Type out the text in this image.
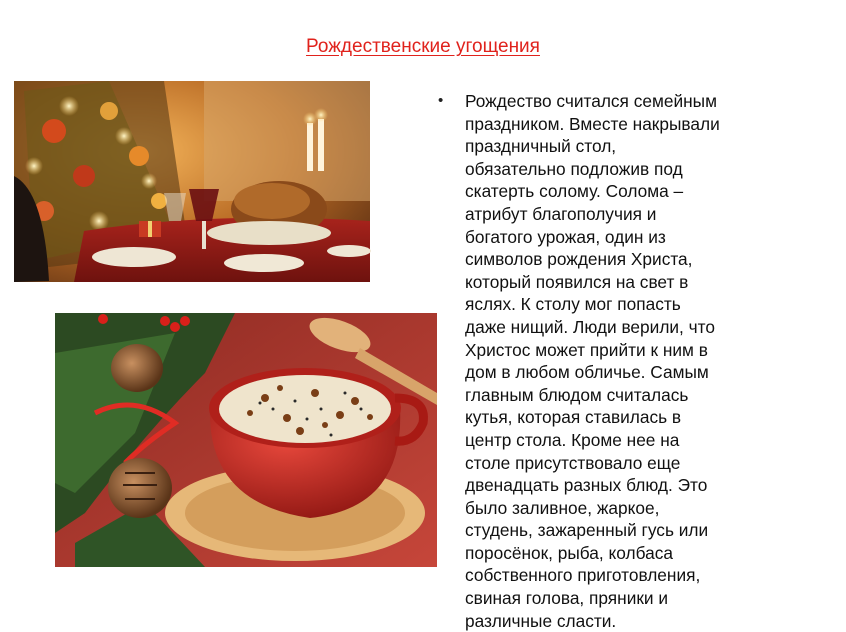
Рождественские угощения
• Рождество считался семейным
праздником. Вместе накрывали
праздничный стол,
обязательно подложив под
скатерть солому. Солома –
атрибут благополучия и
богатого урожая, один из
символов рождения Христа,
который появился на свет в
яслях. К столу мог попасть
даже нищий. Люди верили, что
Христос может прийти к ним в
дом в любом обличье. Самым
главным блюдом считалась
кутья, которая ставилась в
центр стола. Кроме нее на
столе присутствовало еще
двенадцать разных блюд. Это
было заливное, жаркое,
студень, зажаренный гусь или
поросёнок, рыба, колбаса
собственного приготовления,
свиная голова, пряники и
различные сласти.
